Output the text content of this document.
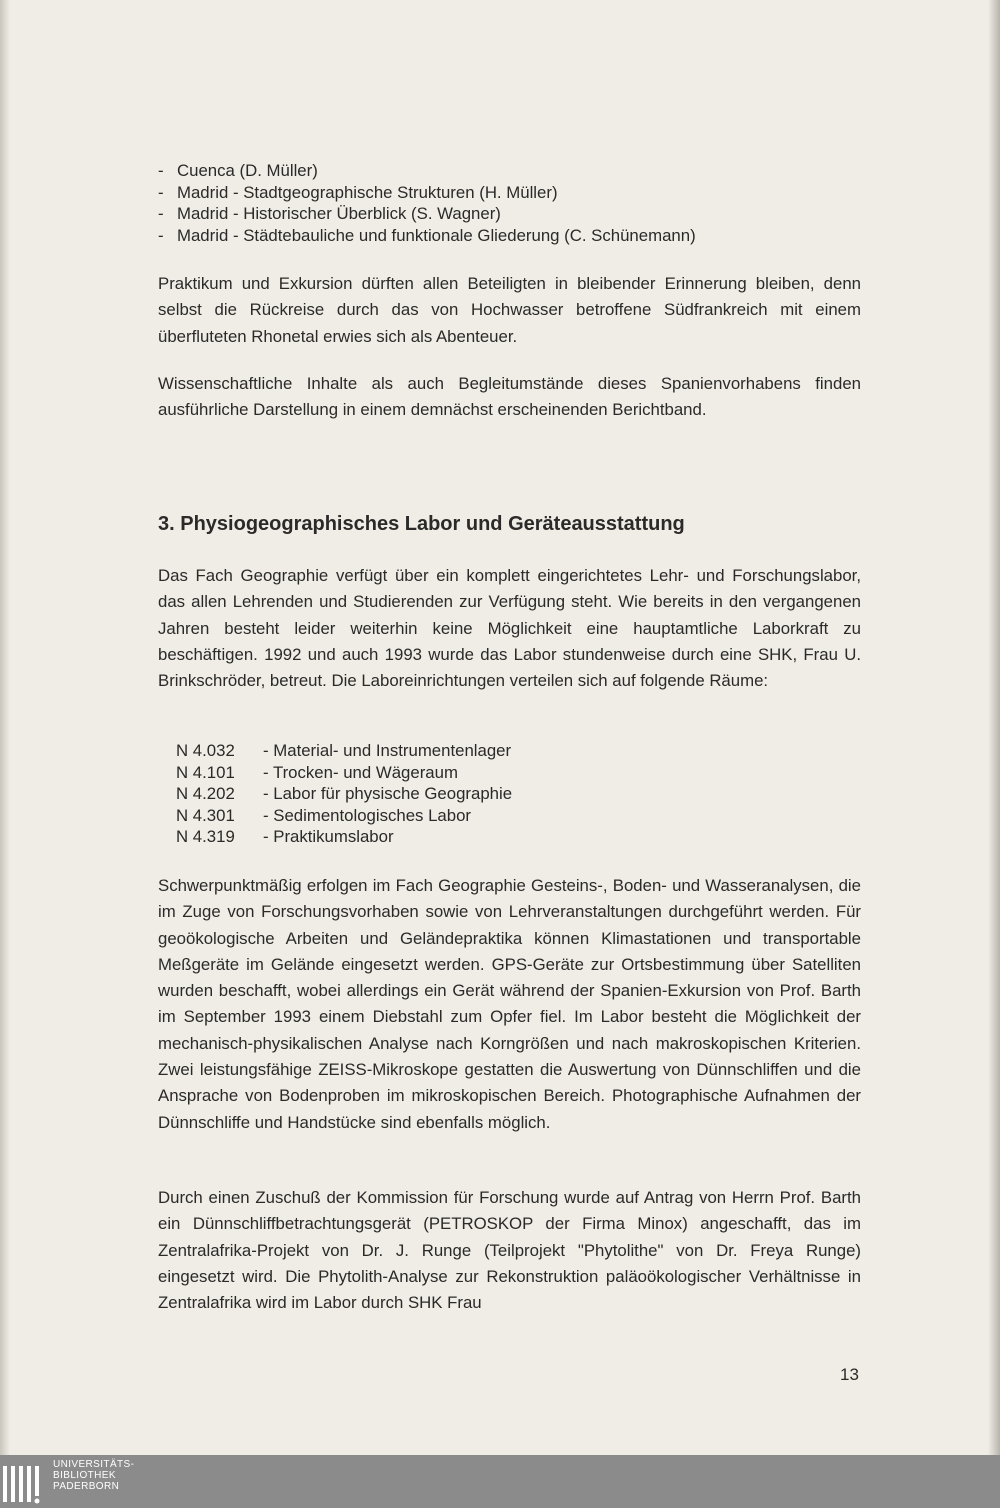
- Cuenca (D. Müller)
- Madrid - Stadtgeographische Strukturen (H. Müller)
- Madrid - Historischer Überblick (S. Wagner)
- Madrid - Städtebauliche und funktionale Gliederung (C. Schünemann)

Praktikum und Exkursion dürften allen Beteiligten in bleibender Erinnerung bleiben, denn selbst die Rückreise durch das von Hochwasser betroffene Südfrankreich mit einem überfluteten Rhonetal erwies sich als Abenteuer.

Wissenschaftliche Inhalte als auch Begleitumstände dieses Spanienvorhabens finden ausführliche Darstellung in einem demnächst erscheinenden Berichtband.

3. Physiogeographisches Labor und Geräteausstattung

Das Fach Geographie verfügt über ein komplett eingerichtetes Lehr- und Forschungslabor, das allen Lehrenden und Studierenden zur Verfügung steht. Wie bereits in den vergangenen Jahren besteht leider weiterhin keine Möglichkeit eine hauptamtliche Laborkraft zu beschäftigen. 1992 und auch 1993 wurde das Labor stundenweise durch eine SHK, Frau U. Brinkschröder, betreut. Die Laboreinrichtungen verteilen sich auf folgende Räume:

N 4.032	- Material- und Instrumentenlager
N 4.101	- Trocken- und Wägeraum
N 4.202	- Labor für physische Geographie
N 4.301	- Sedimentologisches Labor
N 4.319	- Praktikumslabor

Schwerpunktmäßig erfolgen im Fach Geographie Gesteins-, Boden- und Wasseranalysen, die im Zuge von Forschungsvorhaben sowie von Lehrveranstaltungen durchgeführt werden. Für geoökologische Arbeiten und Geländepraktika können Klimastationen und transportable Meßgeräte im Gelände eingesetzt werden. GPS-Geräte zur Ortsbestimmung über Satelliten wurden beschafft, wobei allerdings ein Gerät während der Spanien-Exkursion von Prof. Barth im September 1993 einem Diebstahl zum Opfer fiel. Im Labor besteht die Möglichkeit der mechanisch-physikalischen Analyse nach Korngrößen und nach makroskopischen Kriterien. Zwei leistungsfähige ZEISS-Mikroskope gestatten die Auswertung von Dünnschliffen und die Ansprache von Bodenproben im mikroskopischen Bereich. Photographische Aufnahmen der Dünnschliffe und Handstücke sind ebenfalls möglich.

Durch einen Zuschuß der Kommission für Forschung wurde auf Antrag von Herrn Prof. Barth ein Dünnschliffbetrachtungsgerät (PETROSKOP der Firma Minox) angeschafft, das im Zentralafrika-Projekt von Dr. J. Runge (Teilprojekt "Phytolithe" von Dr. Freya Runge) eingesetzt wird. Die Phytolith-Analyse zur Rekonstruktion paläoökologischer Verhältnisse in Zentralafrika wird im Labor durch SHK Frau

13
UNIVERSITÄTS-
BIBLIOTHEK
PADERBORN
